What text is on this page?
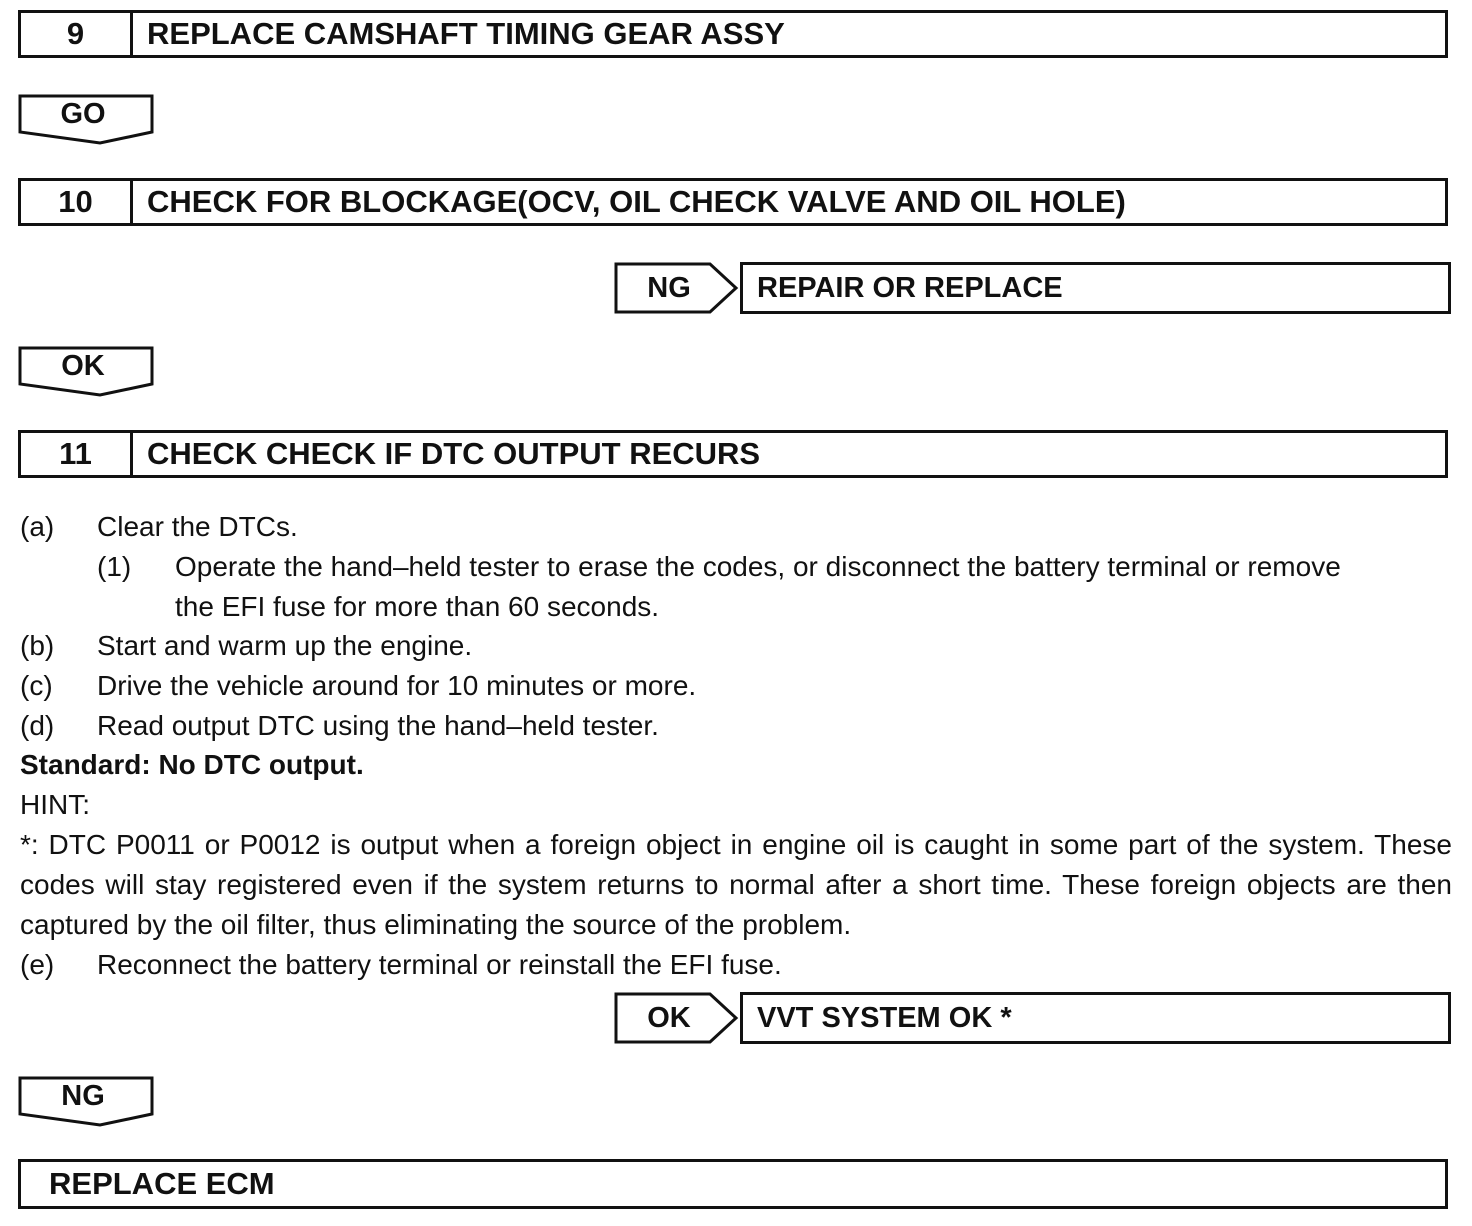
9	REPLACE CAMSHAFT TIMING GEAR ASSY
GO
10	CHECK FOR BLOCKAGE(OCV, OIL CHECK VALVE AND OIL HOLE)
NG	REPAIR OR REPLACE
OK
11	CHECK CHECK IF DTC OUTPUT RECURS
(a) Clear the DTCs.
(1) Operate the hand–held tester to erase the codes, or disconnect the battery terminal or remove
the EFI fuse for more than 60 seconds.
(b) Start and warm up the engine.
(c) Drive the vehicle around for 10 minutes or more.
(d) Read output DTC using the hand–held tester.
Standard: No DTC output.
HINT:
*: DTC P0011 or P0012 is output when a foreign object in engine oil is caught in some part of the system. These codes will stay registered even if the system returns to normal after a short time. These foreign objects are then captured by the oil filter, thus eliminating the source of the problem.
(e) Reconnect the battery terminal or reinstall the EFI fuse.
OK	VVT SYSTEM OK *
NG
REPLACE ECM
